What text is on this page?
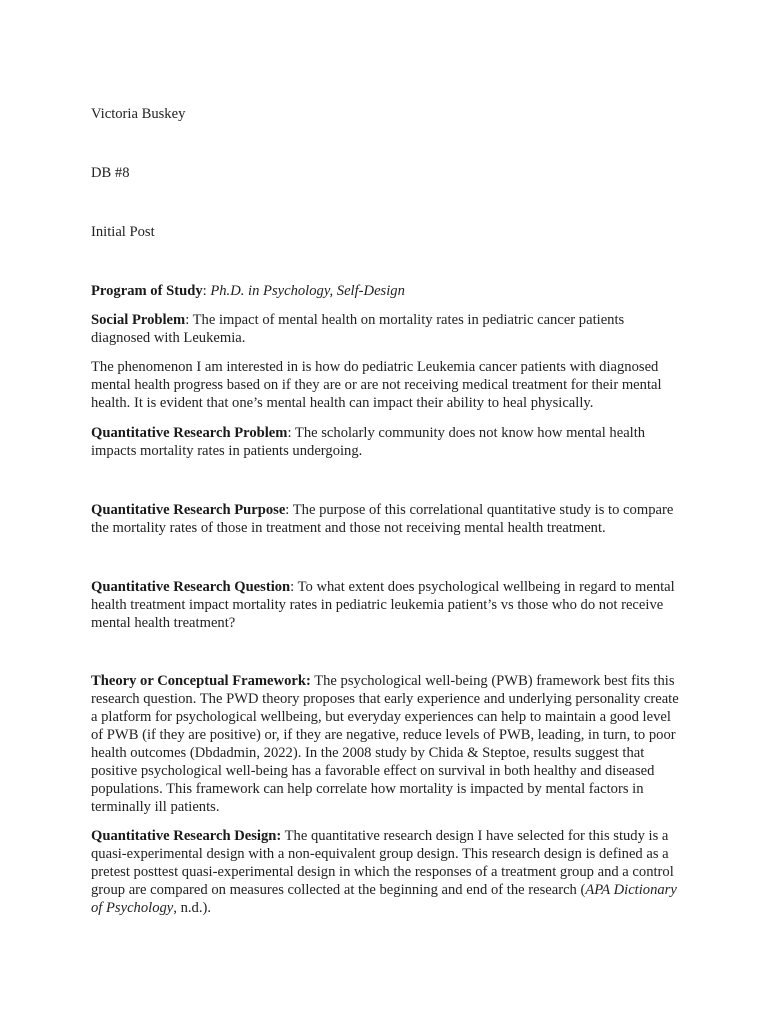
Victoria Buskey

DB #8

Initial Post

Program of Study: Ph.D. in Psychology, Self-Design

Social Problem: The impact of mental health on mortality rates in pediatric cancer patients diagnosed with Leukemia.

The phenomenon I am interested in is how do pediatric Leukemia cancer patients with diagnosed mental health progress based on if they are or are not receiving medical treatment for their mental health. It is evident that one’s mental health can impact their ability to heal physically.

Quantitative Research Problem: The scholarly community does not know how mental health impacts mortality rates in patients undergoing.

Quantitative Research Purpose: The purpose of this correlational quantitative study is to compare the mortality rates of those in treatment and those not receiving mental health treatment.

Quantitative Research Question: To what extent does psychological wellbeing in regard to mental health treatment impact mortality rates in pediatric leukemia patient’s vs those who do not receive mental health treatment?

Theory or Conceptual Framework: The psychological well-being (PWB) framework best fits this research question. The PWD theory proposes that early experience and underlying personality create a platform for psychological wellbeing, but everyday experiences can help to maintain a good level of PWB (if they are positive) or, if they are negative, reduce levels of PWB, leading, in turn, to poor health outcomes (Dbdadmin, 2022). In the 2008 study by Chida & Steptoe, results suggest that positive psychological well-being has a favorable effect on survival in both healthy and diseased populations. This framework can help correlate how mortality is impacted by mental factors in terminally ill patients.

Quantitative Research Design: The quantitative research design I have selected for this study is a quasi-experimental design with a non-equivalent group design. This research design is defined as a pretest posttest quasi-experimental design in which the responses of a treatment group and a control group are compared on measures collected at the beginning and end of the research (APA Dictionary of Psychology, n.d.).
